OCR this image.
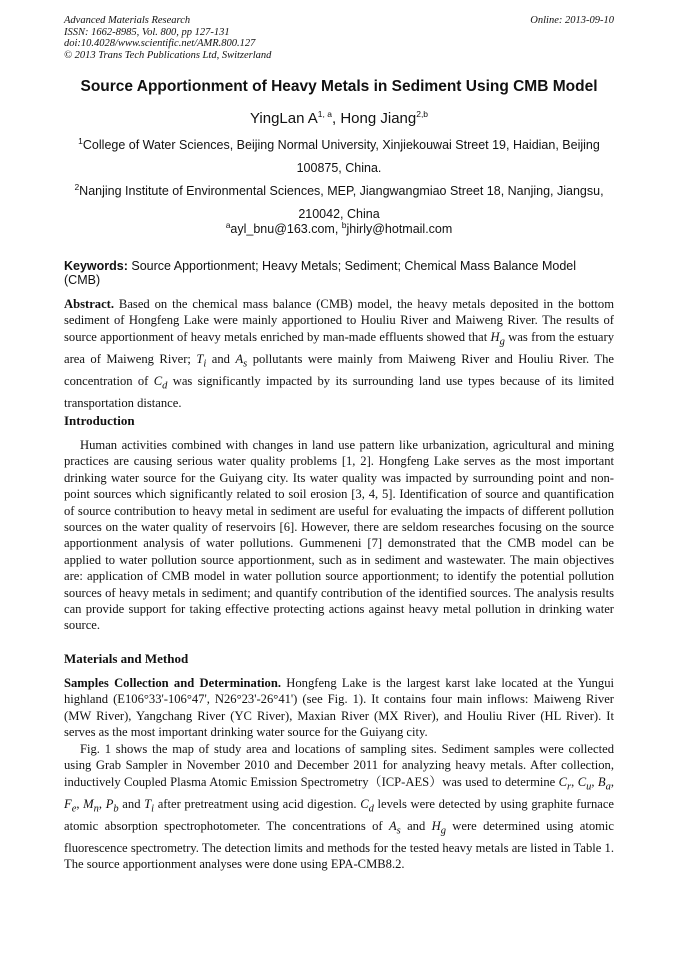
Advanced Materials Research
ISSN: 1662-8985, Vol. 800, pp 127-131
doi:10.4028/www.scientific.net/AMR.800.127
© 2013 Trans Tech Publications Ltd, Switzerland
Online: 2013-09-10
Source Apportionment of Heavy Metals in Sediment Using CMB Model
YingLan A$^{1, a}$, Hong Jiang$^{2,b}$
$^1$College of Water Sciences, Beijing Normal University, Xinjiekouwai Street 19, Haidian, Beijing 100875, China.
$^2$Nanjing Institute of Environmental Sciences, MEP, Jiangwangmiao Street 18, Nanjing, Jiangsu, 210042, China
$^a$ayl_bnu@163.com, $^b$jhirly@hotmail.com
Keywords: Source Apportionment; Heavy Metals; Sediment; Chemical Mass Balance Model (CMB)

Abstract. Based on the chemical mass balance (CMB) model, the heavy metals deposited in the bottom sediment of Hongfeng Lake were mainly apportioned to Houliu River and Maiweng River. The results of source apportionment of heavy metals enriched by man-made effluents showed that $H_g$ was from the estuary area of Maiweng River; $T_i$ and $A_s$ pollutants were mainly from Maiweng River and Houliu River. The concentration of $C_d$ was significantly impacted by its surrounding land use types because of its limited transportation distance.

Introduction

Human activities combined with changes in land use pattern like urbanization, agricultural and mining practices are causing serious water quality problems [1, 2]. Hongfeng Lake serves as the most important drinking water source for the Guiyang city. Its water quality was impacted by surrounding point and non-point sources which significantly related to soil erosion [3, 4, 5]. Identification of source and quantification of source contribution to heavy metal in sediment are useful for evaluating the impacts of different pollution sources on the water quality of reservoirs [6]. However, there are seldom researches focusing on the source apportionment analysis of water pollutions. Gummeneni [7] demonstrated that the CMB model can be applied to water pollution source apportionment, such as in sediment and wastewater. The main objectives are: application of CMB model in water pollution source apportionment; to identify the potential pollution sources of heavy metals in sediment; and quantify contribution of the identified sources. The analysis results can provide support for taking effective protecting actions against heavy metal pollution in drinking water source.

Materials and Method

Samples Collection and Determination. Hongfeng Lake is the largest karst lake located at the Yungui highland (E106°33'-106°47', N26°23'-26°41') (see Fig. 1). It contains four main inflows: Maiweng River (MW River), Yangchang River (YC River), Maxian River (MX River), and Houliu River (HL River). It serves as the most important drinking water source for the Guiyang city.

Fig. 1 shows the map of study area and locations of sampling sites. Sediment samples were collected using Grab Sampler in November 2010 and December 2011 for analyzing heavy metals. After collection, inductively Coupled Plasma Atomic Emission Spectrometry（ICP-AES）was used to determine $C_r$, $C_u$, $B_a$, $F_e$, $M_n$, $P_b$ and $T_i$ after pretreatment using acid digestion. $C_d$ levels were detected by using graphite furnace atomic absorption spectrophotometer. The concentrations of $A_s$ and $H_g$ were determined using atomic fluorescence spectrometry. The detection limits and methods for the tested heavy metals are listed in Table 1. The source apportionment analyses were done using EPA-CMB8.2.
